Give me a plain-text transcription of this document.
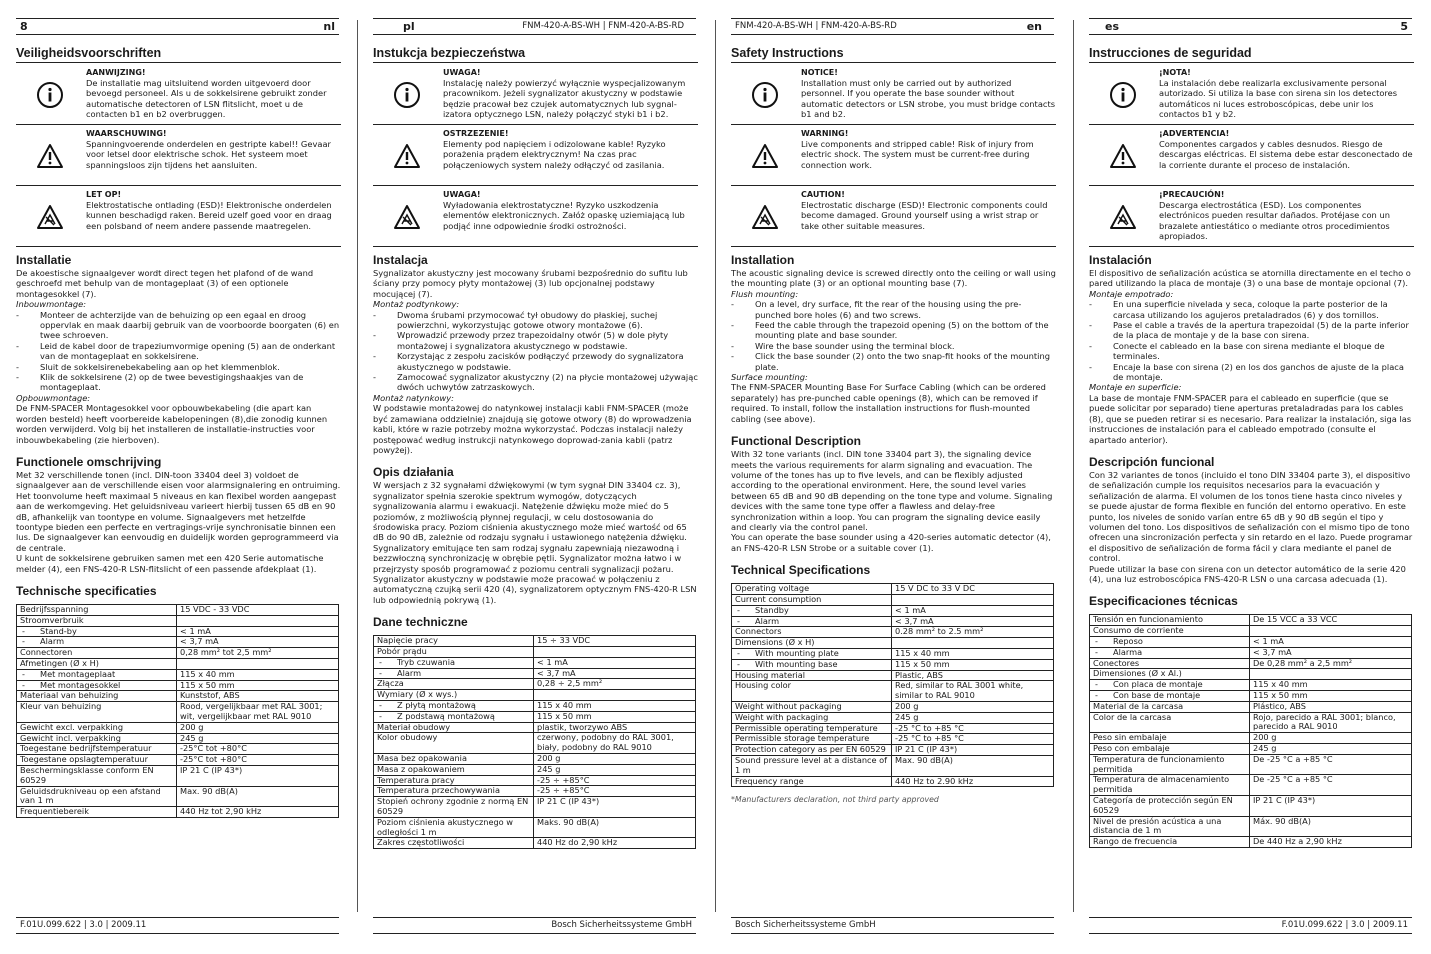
8	nl
Veiligheidsvoorschriften
AANWIJZING!
De installatie mag uitsluitend worden uitgevoerd door bevoegd personeel. Als u de sokkelsirene gebruikt zonder automatische detectoren of LSN flitslicht, moet u de contacten b1 en b2 overbruggen.
WAARSCHUWING!
Spanningvoerende onderdelen en gestripte kabel!! Gevaar voor letsel door elektrische schok. Het systeem moet spanningsloos zijn tijdens het aansluiten.
LET OP!
Elektrostatische ontlading (ESD)! Elektronische onderdelen kunnen beschadigd raken. Bereid uzelf goed voor en draag een polsband of neem andere passende maatregelen.
Installatie

De akoestische signaalgever wordt direct tegen het plafond of de wand geschroefd met behulp van de montageplaat (3) of een optionele montagesokkel (7).

Inbouwmontage:

- Monteer de achterzijde van de behuizing op een egaal en droog oppervlak en maak daarbij gebruik van de voorboorde boorgaten (6) en twee schroeven.
- Leid de kabel door de trapeziumvormige opening (5) aan de onderkant van de montageplaat en sokkelsirene.
- Sluit de sokkelsirenebekabeling aan op het klemmenblok.
- Klik de sokkelsirene (2) op de twee bevestigingshaakjes van de montageplaat.

Opbouwmontage:

De FNM-SPACER Montagesokkel voor opbouwbekabeling (die apart kan worden besteld) heeft voorbereide kabelopeningen (8),die zonodig kunnen worden verwijderd. Volg bij het installeren de installatie-instructies voor inbouwbekabeling (zie hierboven).

Functionele omschrijving

Met 32 verschillende tonen (incl. DIN-toon 33404 deel 3) voldoet de signaalgever aan de verschillende eisen voor alarmsignalering en ontruiming. Het toonvolume heeft maximaal 5 niveaus en kan flexibel worden aangepast aan de werkomgeving. Het geluidsniveau varieert hierbij tussen 65 dB en 90 dB, afhankelijk van toontype en volume. Signaalgevers met hetzelfde toontype bieden een perfecte en vertragings-vrije synchronisatie binnen een lus. De signaalgever kan eenvoudig en duidelijk worden geprogrammeerd via de centrale.

U kunt de sokkelsirene gebruiken samen met een 420 Serie automatische melder (4), een FNS-420-R LSN-flitslicht of een passende afdekplaat (1).

Technische specificaties
Bedrijfsspanning	15 VDC - 33 VDC
Stroomverbruik	

- Stand-by	< 1 mA

- Alarm	< 3,7 mA
Connectoren	0,28 mm² tot 2,5 mm²
Afmetingen (Ø x H)	

- Met montageplaat	115 x 40 mm

- Met montagesokkel	115 x 50 mm
Materiaal van behuizing	Kunststof, ABS
Kleur van behuizing	Rood, vergelijkbaar met RAL 3001; wit, vergelijkbaar met RAL 9010
Gewicht excl. verpakking	200 g
Gewicht incl. verpakking	245 g
Toegestane bedrijfstemperatuur	-25°C tot +80°C
Toegestane opslagtemperatuur	-25°C tot +80°C
Beschermingsklasse conform EN 60529	IP 21 C (IP 43*)
Geluidsdrukniveau op een afstand van 1 m	Max. 90 dB(A)
Frequentiebereik	440 Hz tot 2,90 kHz
F.01U.099.622 | 3.0 | 2009.11
pl	FNM-420-A-BS-WH | FNM-420-A-BS-RD
Instukcja bezpieczeństwa
UWAGA!
Instalację należy powierzyć wyłącznie wyspecjalizowanym pracownikom. Jeżeli sygnalizator akustyczny w podstawie będzie pracował bez czujek automatycznych lub sygnal-izatora optycznego LSN, należy połączyć styki b1 i b2.
OSTRZEZENIE!
Elementy pod napięciem i odizolowane kable! Ryzyko porażenia prądem elektrycznym! Na czas prac połączeniowych system należy odłączyć od zasilania.
UWAGA!
Wyładowania elektrostatyczne! Ryzyko uszkodzenia elementów elektronicznych. Załóż opaskę uziemiającą lub podjąć inne odpowiednie środki ostrożności.
Instalacja

Sygnalizator akustyczny jest mocowany śrubami bezpośrednio do sufitu lub ściany przy pomocy płyty montażowej (3) lub opcjonalnej podstawy mocującej (7).

Montaż podtynkowy:

- Dwoma śrubami przymocować tył obudowy do płaskiej, suchej powierzchni, wykorzystując gotowe otwory montażowe (6).
- Wprowadzić przewody przez trapezoidalny otwór (5) w dole płyty montażowej i sygnalizatora akustycznego w podstawie.
- Korzystając z zespołu zacisków podłączyć przewody do sygnalizatora akustycznego w podstawie.
- Zamocować sygnalizator akustyczny (2) na płycie montażowej używając dwóch uchwytów zatrzaskowych.

Montaż natynkowy:

W podstawie montażowej do natynkowej instalacji kabli FNM-SPACER (może być zamawiana oddzielnie) znajdują się gotowe otwory (8) do wprowadzenia kabli, które w razie potrzeby można wykorzystać. Podczas instalacji należy postępować według instrukcji natynkowego doprowad-zania kabli (patrz powyżej).

Opis działania

W wersjach z 32 sygnałami dźwiękowymi (w tym sygnał DIN 33404 cz. 3), sygnalizator spełnia szerokie spektrum wymogów, dotyczących sygnalizowania alarmu i ewakuacji. Natężenie dźwięku może mieć do 5 poziomów, z możliwością płynnej regulacji, w celu dostosowania do środowiska pracy. Poziom ciśnienia akustycznego może mieć wartość od 65 dB do 90 dB, zależnie od rodzaju sygnału i ustawionego natężenia dźwięku. Sygnalizatory emitujące ten sam rodzaj sygnału zapewniają niezawodną i bezzwłoczną synchronizację w obrębie pętli. Sygnalizator można łatwo i w przejrzysty sposób programować z poziomu centrali sygnalizacji pożaru.

Sygnalizator akustyczny w podstawie może pracować w połączeniu z automatyczną czujką serii 420 (4), sygnalizatorem optycznym FNS-420-R LSN lub odpowiednią pokrywą (1).

Dane techniczne
Napięcie pracy	15 ÷ 33 VDC
Pobór prądu	

- Tryb czuwania	< 1 mA

- Alarm	< 3,7 mA
Złącza	0,28 ÷ 2,5 mm²
Wymiary (Ø x wys.)	

- Z płytą montażową	115 x 40 mm

- Z podstawą montażową	115 x 50 mm
Materiał obudowy	plastik, tworzywo ABS
Kolor obudowy	czerwony, podobny do RAL 3001, biały, podobny do RAL 9010
Masa bez opakowania	200 g
Masa z opakowaniem	245 g
Temperatura pracy	-25 ÷ +85°C
Temperatura przechowywania	-25 ÷ +85°C
Stopień ochrony zgodnie z normą EN 60529	IP 21 C (IP 43*)
Poziom ciśnienia akustycznego w odległości 1 m	Maks. 90 dB(A)
Zakres częstotliwości	440 Hz do 2,90 kHz
Bosch Sicherheitssysteme GmbH
FNM-420-A-BS-WH | FNM-420-A-BS-RD	en
Safety Instructions
NOTICE!
Installation must only be carried out by authorized personnel. If you operate the base sounder without automatic detectors or LSN strobe, you must bridge contacts b1 and b2.
WARNING!
Live components and stripped cable! Risk of injury from electric shock. The system must be current-free during connection work.
CAUTION!
Electrostatic discharge (ESD)! Electronic components could become damaged. Ground yourself using a wrist strap or take other suitable measures.
Installation

The acoustic signaling device is screwed directly onto the ceiling or wall using the mounting plate (3) or an optional mounting base (7).

Flush mounting:

- On a level, dry surface, fit the rear of the housing using the pre-punched bore holes (6) and two screws.
- Feed the cable through the trapezoid opening (5) on the bottom of the mounting plate and base sounder.
- Wire the base sounder using the terminal block.
- Click the base sounder (2) onto the two snap-fit hooks of the mounting plate.

Surface mounting:

The FNM-SPACER Mounting Base For Surface Cabling (which can be ordered separately) has pre-punched cable openings (8), which can be removed if required. To install, follow the installation instructions for flush-mounted cabling (see above).

Functional Description

With 32 tone variants (incl. DIN tone 33404 part 3), the signaling device meets the various requirements for alarm signaling and evacuation. The volume of the tones has up to five levels, and can be flexibly adjusted according to the operational environment. Here, the sound level varies between 65 dB and 90 dB depending on the tone type and volume. Signaling devices with the same tone type offer a flawless and delay-free synchronization within a loop. You can program the signaling device easily and clearly via the control panel.

You can operate the base sounder using a 420-series automatic detector (4), an FNS-420-R LSN Strobe or a suitable cover (1).

Technical Specifications
Operating voltage	15 V DC to 33 V DC
Current consumption	

- Standby	< 1 mA

- Alarm	< 3,7 mA
Connectors	0.28 mm² to 2.5 mm²
Dimensions (Ø x H)	

- With mounting plate	115 x 40 mm

- With mounting base	115 x 50 mm
Housing material	Plastic, ABS
Housing color	Red, similar to RAL 3001 white, similar to RAL 9010
Weight without packaging	200 g
Weight with packaging	245 g
Permissible operating temperature	-25 °C to +85 °C
Permissible storage temperature	-25 °C to +85 °C
Protection category as per EN 60529	IP 21 C (IP 43*)
Sound pressure level at a distance of 1 m	Max. 90 dB(A)
Frequency range	440 Hz to 2.90 kHz

*Manufacturers declaration, not third party approved

Bosch Sicherheitssysteme GmbH
es	5
Instrucciones de seguridad
¡NOTA!
La instalación debe realizarla exclusivamente personal autorizado. Si utiliza la base con sirena sin los detectores automáticos ni luces estroboscópicas, debe unir los contactos b1 y b2.
¡ADVERTENCIA!
Componentes cargados y cables desnudos. Riesgo de descargas eléctricas. El sistema debe estar desconectado de la corriente durante el proceso de instalación.
¡PRECAUCIÓN!
Descarga electrostática (ESD). Los componentes electrónicos pueden resultar dañados. Protéjase con un brazalete antiestático o mediante otros procedimientos apropiados.
Instalación

El dispositivo de señalización acústica se atornilla directamente en el techo o pared utilizando la placa de montaje (3) o una base de montaje opcional (7).

Montaje empotrado:

- En una superficie nivelada y seca, coloque la parte posterior de la carcasa utilizando los agujeros pretaladrados (6) y dos tornillos.
- Pase el cable a través de la apertura trapezoidal (5) de la parte inferior de la placa de montaje y de la base con sirena.
- Conecte el cableado en la base con sirena mediante el bloque de terminales.
- Encaje la base con sirena (2) en los dos ganchos de ajuste de la placa de montaje.

Montaje en superficie:

La base de montaje FNM-SPACER para el cableado en superficie (que se puede solicitar por separado) tiene aperturas pretaladradas para los cables (8), que se pueden retirar si es necesario. Para realizar la instalación, siga las instrucciones de instalación para el cableado empotrado (consulte el apartado anterior).

Descripción funcional

Con 32 variantes de tonos (incluido el tono DIN 33404 parte 3), el dispositivo de señalización cumple los requisitos necesarios para la evacuación y señalización de alarma. El volumen de los tonos tiene hasta cinco niveles y se puede ajustar de forma flexible en función del entorno operativo. En este punto, los niveles de sonido varían entre 65 dB y 90 dB según el tipo y volumen del tono. Los dispositivos de señalización con el mismo tipo de tono ofrecen una sincronización perfecta y sin retardo en el lazo. Puede programar el dispositivo de señalización de forma fácil y clara mediante el panel de control.

Puede utilizar la base con sirena con un detector automático de la serie 420 (4), una luz estroboscópica FNS-420-R LSN o una carcasa adecuada (1).

Especificaciones técnicas
Tensión en funcionamiento	De 15 VCC a 33 VCC
Consumo de corriente	

- Reposo	< 1 mA

- Alarma	< 3,7 mA
Conectores	De 0,28 mm² a 2,5 mm²
Dimensiones (Ø x Al.)	

- Con placa de montaje	115 x 40 mm

- Con base de montaje	115 x 50 mm
Material de la carcasa	Plástico, ABS
Color de la carcasa	Rojo, parecido a RAL 3001; blanco, parecido a RAL 9010
Peso sin embalaje	200 g
Peso con embalaje	245 g
Temperatura de funcionamiento permitida	De -25 °C a +85 °C
Temperatura de almacenamiento permitida	De -25 °C a +85 °C
Categoría de protección según EN 60529	IP 21 C (IP 43*)
Nivel de presión acústica a una distancia de 1 m	Máx. 90 dB(A)
Rango de frecuencia	De 440 Hz a 2,90 kHz
F.01U.099.622 | 3.0 | 2009.11
